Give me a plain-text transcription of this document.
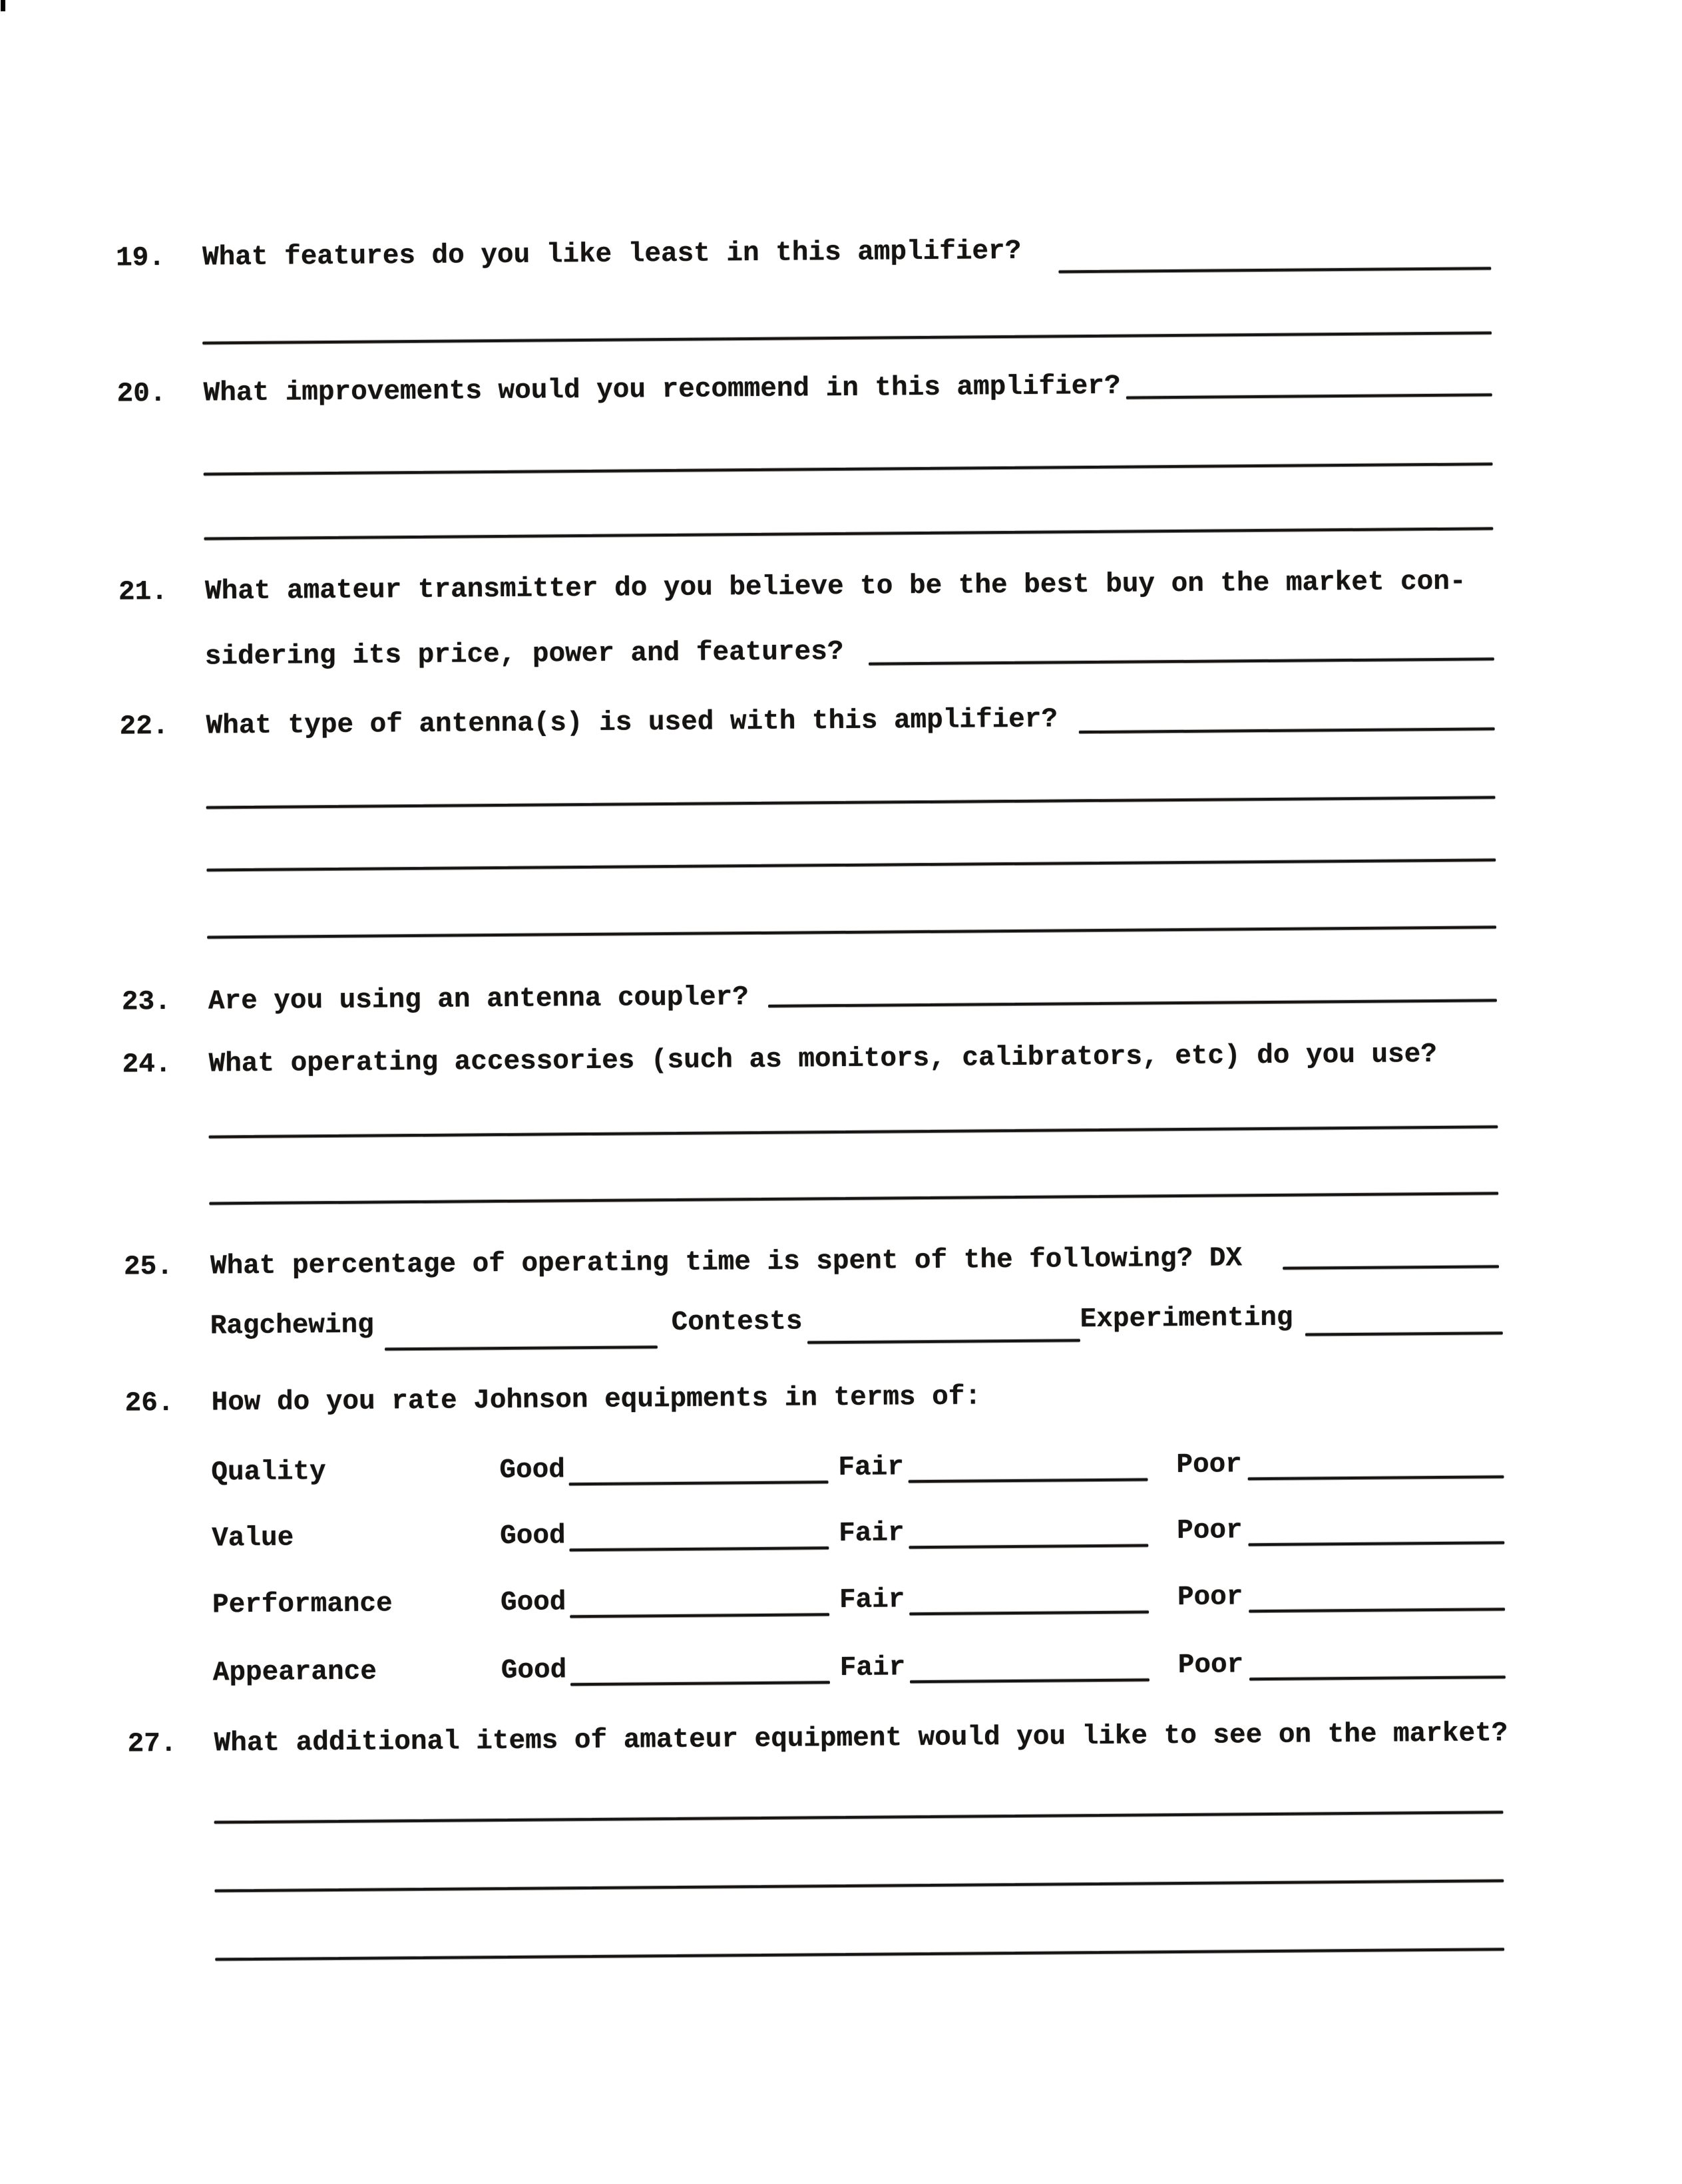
19. What features do you like least in this amplifier?
20. What improvements would you recommend in this amplifier?
21. What amateur transmitter do you believe to be the best buy on the market con-
sidering its price, power and features?
22. What type of antenna(s) is used with this amplifier?
23. Are you using an antenna coupler?
24. What operating accessories (such as monitors, calibrators, etc) do you use?
25. What percentage of operating time is spent of the following? DX
Ragchewing	Contests	Experimenting
26. How do you rate Johnson equipments in terms of:
Quality	Good	Fair	Poor
Value	Good	Fair	Poor
Performance	Good	Fair	Poor
Appearance	Good	Fair	Poor
27. What additional items of amateur equipment would you like to see on the market?
